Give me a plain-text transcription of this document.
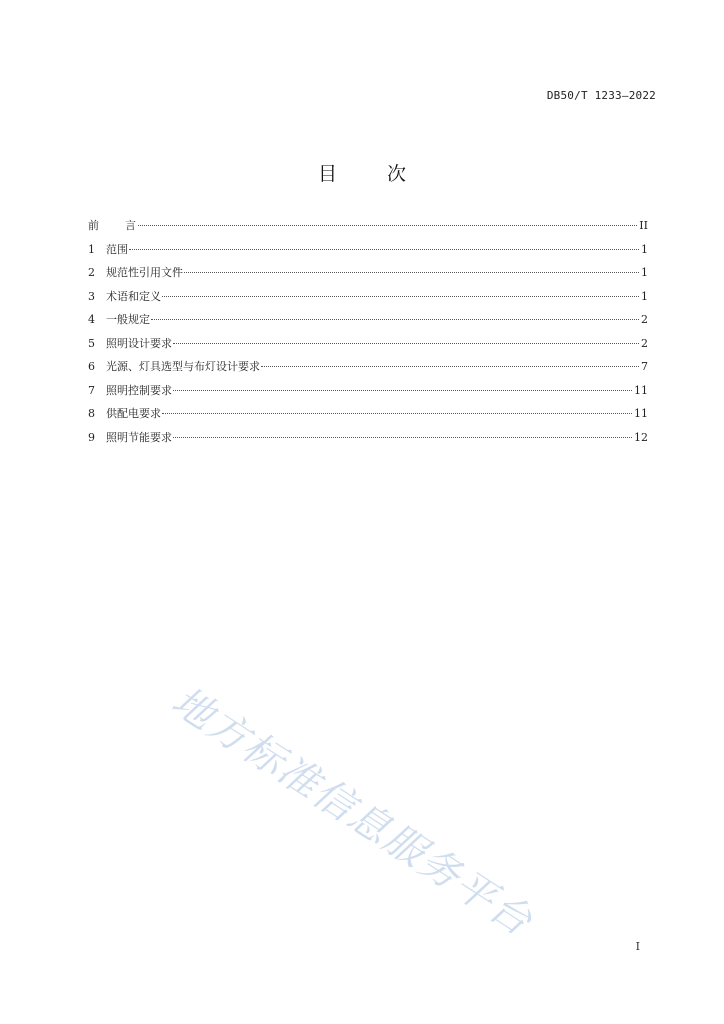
DB50/T 1233—2022
目 次
前 言	II
1	范围	1
2	规范性引用文件	1
3	术语和定义	1
4	一般规定	2
5	照明设计要求	2
6	光源、灯具选型与布灯设计要求	7
7	照明控制要求	11
8	供配电要求	11
9	照明节能要求	12
地方标准信息服务平台
I
